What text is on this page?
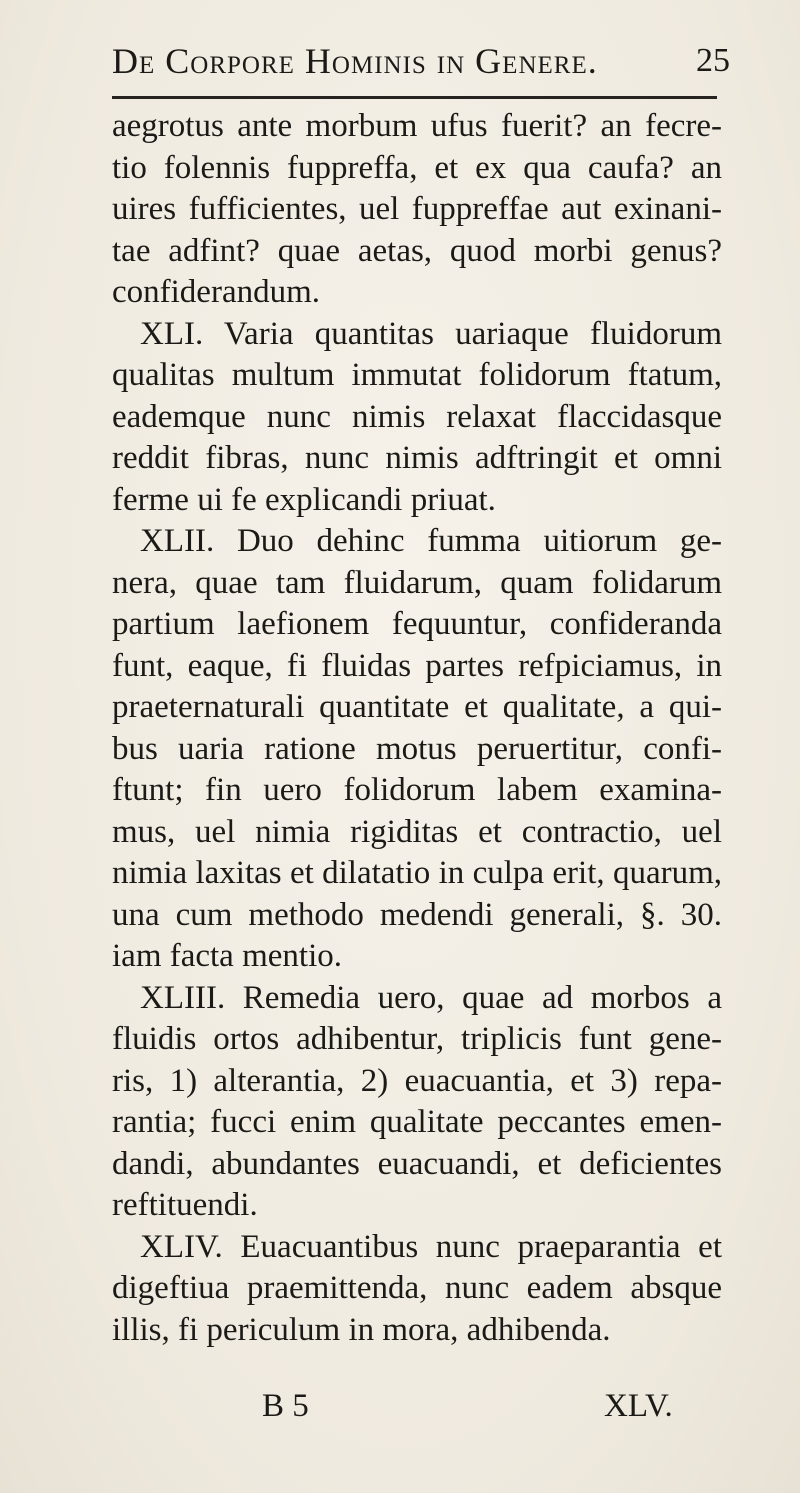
De Corpore Hominis in Genere.	25
aegrotus ante morbum ufus fuerit? an fecre-
tio folennis fuppreffa, et ex qua caufa? an
uires fufficientes, uel fuppreffae aut exinani-
tae adfint? quae aetas, quod morbi genus?
confiderandum.
XLI. Varia quantitas uariaque fluidorum
qualitas multum immutat folidorum ftatum,
eademque nunc nimis relaxat flaccidasque
reddit fibras, nunc nimis adftringit et omni
ferme ui fe explicandi priuat.
XLII. Duo dehinc fumma uitiorum ge-
nera, quae tam fluidarum, quam folidarum
partium laefionem fequuntur, confideranda
funt, eaque, fi fluidas partes refpiciamus, in
praeternaturali quantitate et qualitate, a qui-
bus uaria ratione motus peruertitur, confi-
ftunt; fin uero folidorum labem examina-
mus, uel nimia rigiditas et contractio, uel
nimia laxitas et dilatatio in culpa erit, quarum,
una cum methodo medendi generali, §. 30.
iam facta mentio.
XLIII. Remedia uero, quae ad morbos a
fluidis ortos adhibentur, triplicis funt gene-
ris, 1) alterantia, 2) euacuantia, et 3) repa-
rantia; fucci enim qualitate peccantes emen-
dandi, abundantes euacuandi, et deficientes
reftituendi.
XLIV. Euacuantibus nunc praeparantia et
digeftiua praemittenda, nunc eadem absque
illis, fi periculum in mora, adhibenda.
B 5	XLV.
